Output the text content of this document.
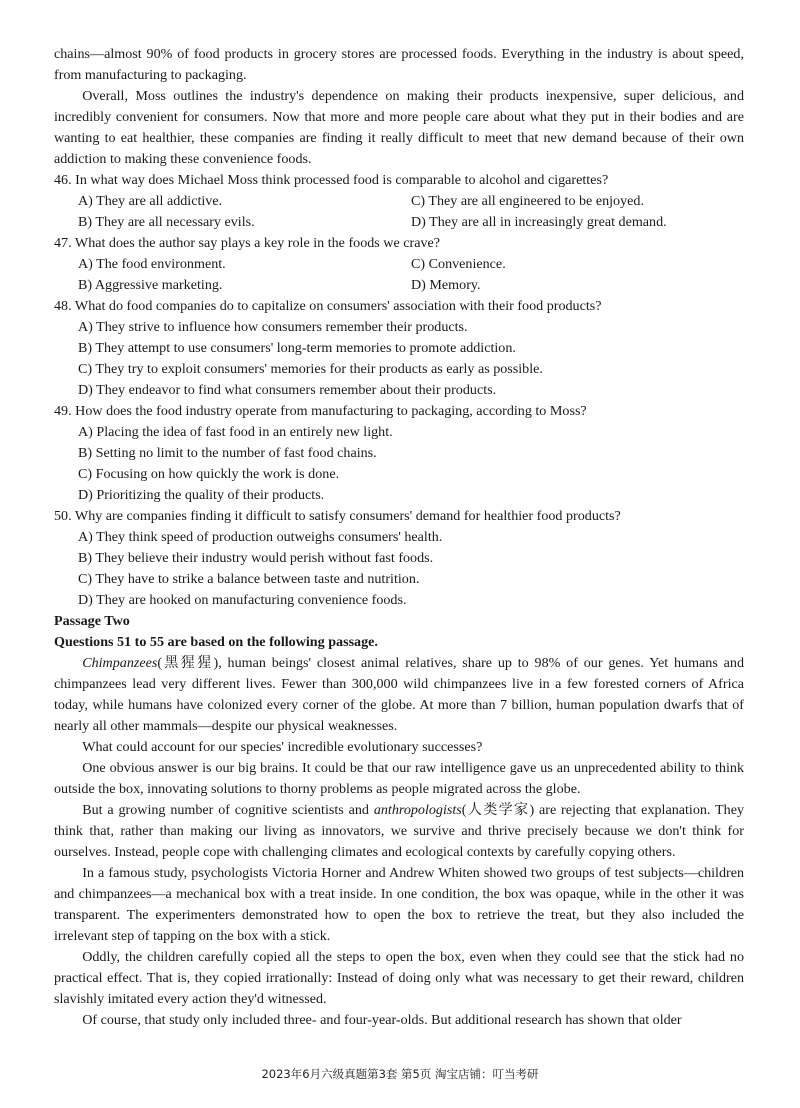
chains—almost 90% of food products in grocery stores are processed foods. Everything in the industry is about speed, from manufacturing to packaging.

Overall, Moss outlines the industry's dependence on making their products inexpensive, super delicious, and incredibly convenient for consumers. Now that more and more people care about what they put in their bodies and are wanting to eat healthier, these companies are finding it really difficult to meet that new demand because of their own addiction to making these convenience foods.

46. In what way does Michael Moss think processed food is comparable to alcohol and cigarettes?

A) They are all addictive.	C) They are all engineered to be enjoyed.
B) They are all necessary evils.	D) They are all in increasingly great demand.

47. What does the author say plays a key role in the foods we crave?

A) The food environment.	C) Convenience.
B) Aggressive marketing.	D) Memory.

48. What do food companies do to capitalize on consumers' association with their food products?

A) They strive to influence how consumers remember their products.
B) They attempt to use consumers' long-term memories to promote addiction.
C) They try to exploit consumers' memories for their products as early as possible.
D) They endeavor to find what consumers remember about their products.

49. How does the food industry operate from manufacturing to packaging, according to Moss?

A) Placing the idea of fast food in an entirely new light.
B) Setting no limit to the number of fast food chains.
C) Focusing on how quickly the work is done.
D) Prioritizing the quality of their products.

50. Why are companies finding it difficult to satisfy consumers' demand for healthier food products?

A) They think speed of production outweighs consumers' health.
B) They believe their industry would perish without fast foods.
C) They have to strike a balance between taste and nutrition.
D) They are hooked on manufacturing convenience foods.

Passage Two

Questions 51 to 55 are based on the following passage.

Chimpanzees(黑猩猩), human beings' closest animal relatives, share up to 98% of our genes. Yet humans and chimpanzees lead very different lives. Fewer than 300,000 wild chimpanzees live in a few forested corners of Africa today, while humans have colonized every corner of the globe. At more than 7 billion, human population dwarfs that of nearly all other mammals—despite our physical weaknesses.

What could account for our species' incredible evolutionary successes?

One obvious answer is our big brains. It could be that our raw intelligence gave us an unprecedented ability to think outside the box, innovating solutions to thorny problems as people migrated across the globe.

But a growing number of cognitive scientists and anthropologists(人类学家) are rejecting that explanation. They think that, rather than making our living as innovators, we survive and thrive precisely because we don't think for ourselves. Instead, people cope with challenging climates and ecological contexts by carefully copying others.

In a famous study, psychologists Victoria Horner and Andrew Whiten showed two groups of test subjects—children and chimpanzees—a mechanical box with a treat inside. In one condition, the box was opaque, while in the other it was transparent. The experimenters demonstrated how to open the box to retrieve the treat, but they also included the irrelevant step of tapping on the box with a stick.

Oddly, the children carefully copied all the steps to open the box, even when they could see that the stick had no practical effect. That is, they copied irrationally: Instead of doing only what was necessary to get their reward, children slavishly imitated every action they'd witnessed.

Of course, that study only included three- and four-year-olds. But additional research has shown that older

2023年6月六级真题第3套 第5页 淘宝店铺：叮当考研
